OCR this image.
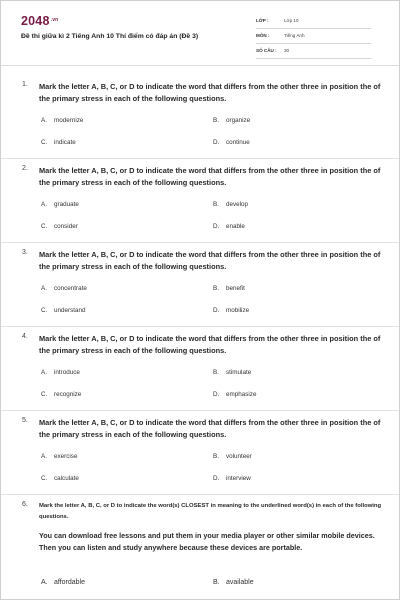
$2048^{.vn}$
Đề thi giữa kì 2 Tiếng Anh 10 Thí điểm có đáp án (Đề 3)
LỚP :	Lớp 10
MÔN :	Tiếng Anh
SỐ CÂU : 30
1. Mark the letter A, B, C, or D to indicate the word that differs from the other three in position the of the primary stress in each of the following questions.
A. modernize	B. organize
C. indicate	D. continue
2. Mark the letter A, B, C, or D to indicate the word that differs from the other three in position the of the primary stress in each of the following questions.
A. graduate	B. develop
C. consider	D. enable
3. Mark the letter A, B, C, or D to indicate the word that differs from the other three in position the of the primary stress in each of the following questions.
A. concentrate	B. benefit
C. understand	D. mobilize
4. Mark the letter A, B, C, or D to indicate the word that differs from the other three in position the of the primary stress in each of the following questions.
A. introduce	B. stimulate
C. recognize	D. emphasize
5. Mark the letter A, B, C, or D to indicate the word that differs from the other three in position the of the primary stress in each of the following questions.
A. exercise	B. volunteer
C. calculate	D. interview
6. Mark the letter A, B, C, or D to indicate the word(s) CLOSEST in meaning to the underlined word(s) in each of the following questions.
You can download free lessons and put them in your media player or other similar mobile devices. Then you can listen and study anywhere because these devices are portable.
A. affordable	B. available
